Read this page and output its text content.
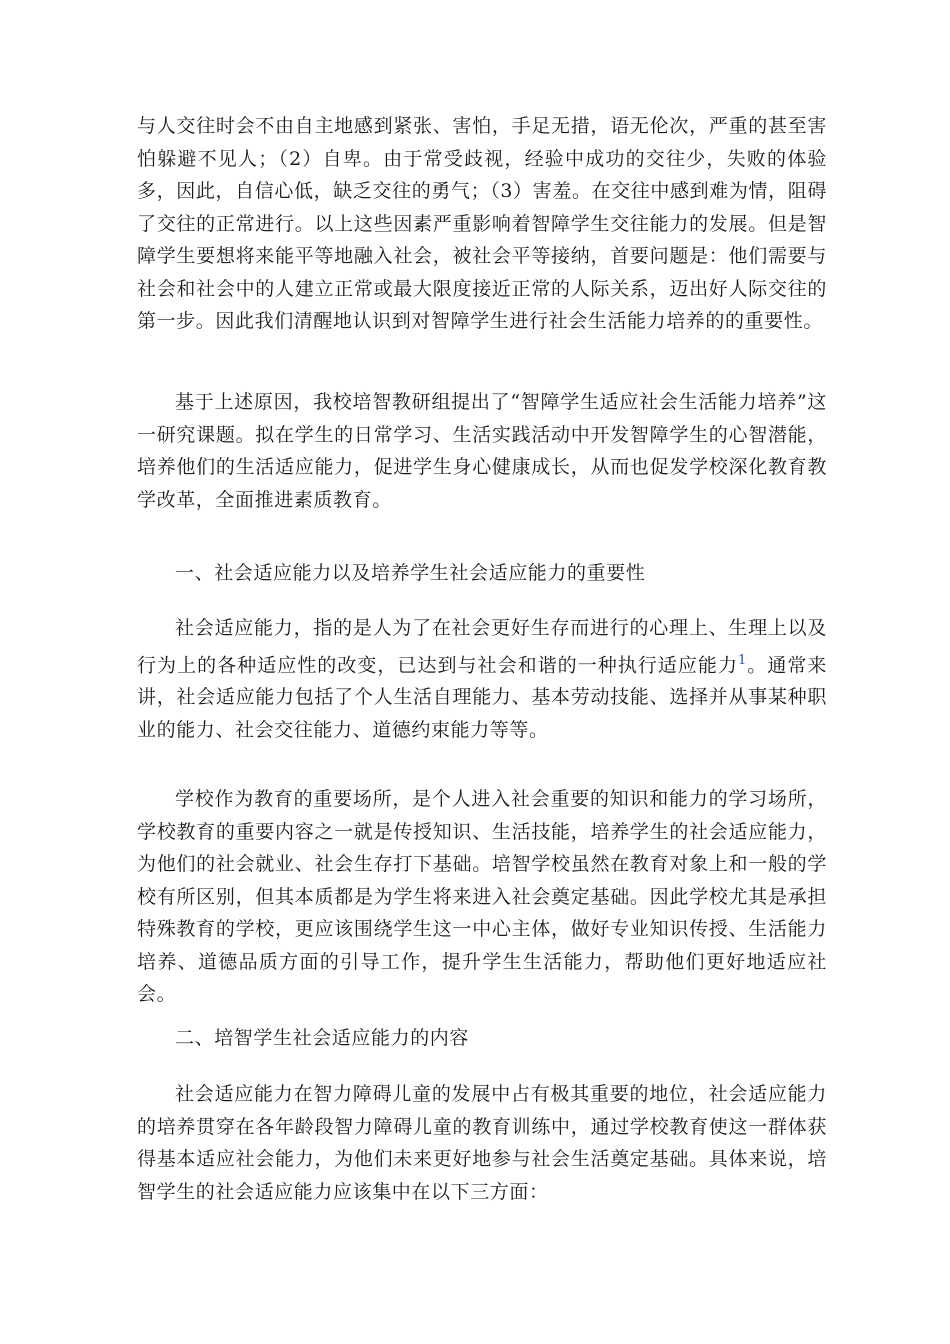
与人交往时会不由自主地感到紧张、害怕，手足无措，语无伦次，严重的甚至害怕躲避不见人；（2）自卑。由于常受歧视，经验中成功的交往少，失败的体验多，因此，自信心低，缺乏交往的勇气；（3）害羞。在交往中感到难为情，阻碍了交往的正常进行。以上这些因素严重影响着智障学生交往能力的发展。但是智障学生要想将来能平等地融入社会，被社会平等接纳，首要问题是：他们需要与社会和社会中的人建立正常或最大限度接近正常的人际关系，迈出好人际交往的第一步。因此我们清醒地认识到对智障学生进行社会生活能力培养的的重要性。

基于上述原因，我校培智教研组提出了“智障学生适应社会生活能力培养”这一研究课题。拟在学生的日常学习、生活实践活动中开发智障学生的心智潜能，培养他们的生活适应能力，促进学生身心健康成长，从而也促发学校深化教育教学改革，全面推进素质教育。

一、社会适应能力以及培养学生社会适应能力的重要性

社会适应能力，指的是人为了在社会更好生存而进行的心理上、生理上以及行为上的各种适应性的改变，已达到与社会和谐的一种执行适应能力$^1$。通常来讲，社会适应能力包括了个人生活自理能力、基本劳动技能、选择并从事某种职业的能力、社会交往能力、道德约束能力等等。

学校作为教育的重要场所，是个人进入社会重要的知识和能力的学习场所，学校教育的重要内容之一就是传授知识、生活技能，培养学生的社会适应能力，为他们的社会就业、社会生存打下基础。培智学校虽然在教育对象上和一般的学校有所区别，但其本质都是为学生将来进入社会奠定基础。因此学校尤其是承担特殊教育的学校，更应该围绕学生这一中心主体，做好专业知识传授、生活能力培养、道德品质方面的引导工作，提升学生生活能力，帮助他们更好地适应社会。

二、培智学生社会适应能力的内容

社会适应能力在智力障碍儿童的发展中占有极其重要的地位，社会适应能力的培养贯穿在各年龄段智力障碍儿童的教育训练中，通过学校教育使这一群体获得基本适应社会能力，为他们未来更好地参与社会生活奠定基础。具体来说，培智学生的社会适应能力应该集中在以下三方面：
